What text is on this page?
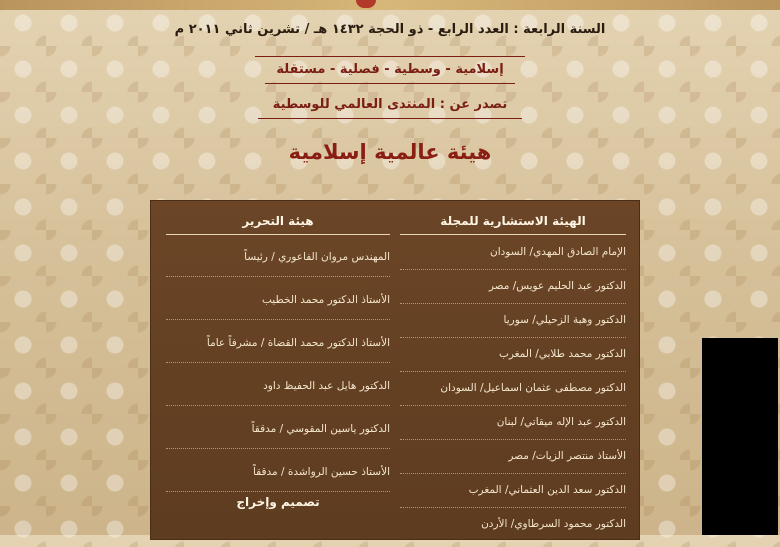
السنة الرابعة : العدد الرابع - ذو الحجة ١٤٣٢ هـ / تشرين ثاني ٢٠١١ م
إسلامية - وسطية - فصلية - مستقلة
تصدر عن : المنتدى العالمي للوسطية
هيئة عالمية إسلامية
الهيئة الاستشارية للمجلة
الإمام الصادق المهدي/ السودان
الدكتور عبد الحليم عويس/ مصر
الدكتور وهبة الزحيلي/ سوريا
الدكتور محمد طلابي/ المغرب
الدكتور مصطفى عثمان اسماعيل/ السودان
الدكتور عبد الإله ميقاتي/ لبنان
الأستاذ منتصر الزيات/ مصر
الدكتور سعد الدين العثماني/ المغرب
الدكتور محمود السرطاوي/ الأردن
هيئة التحرير
المهندس مروان الفاعوري / رئيساً
الأستاذ الدكتور محمد الخطيب
الأستاذ الدكتور محمد القضاة / مشرفاً عاماً
الدكتور هايل عبد الحفيظ داود
الدكتور ياسين المقوسي / مدققاً
الأستاذ حسين الرواشدة / مدققاً
تصميم وإخراج
